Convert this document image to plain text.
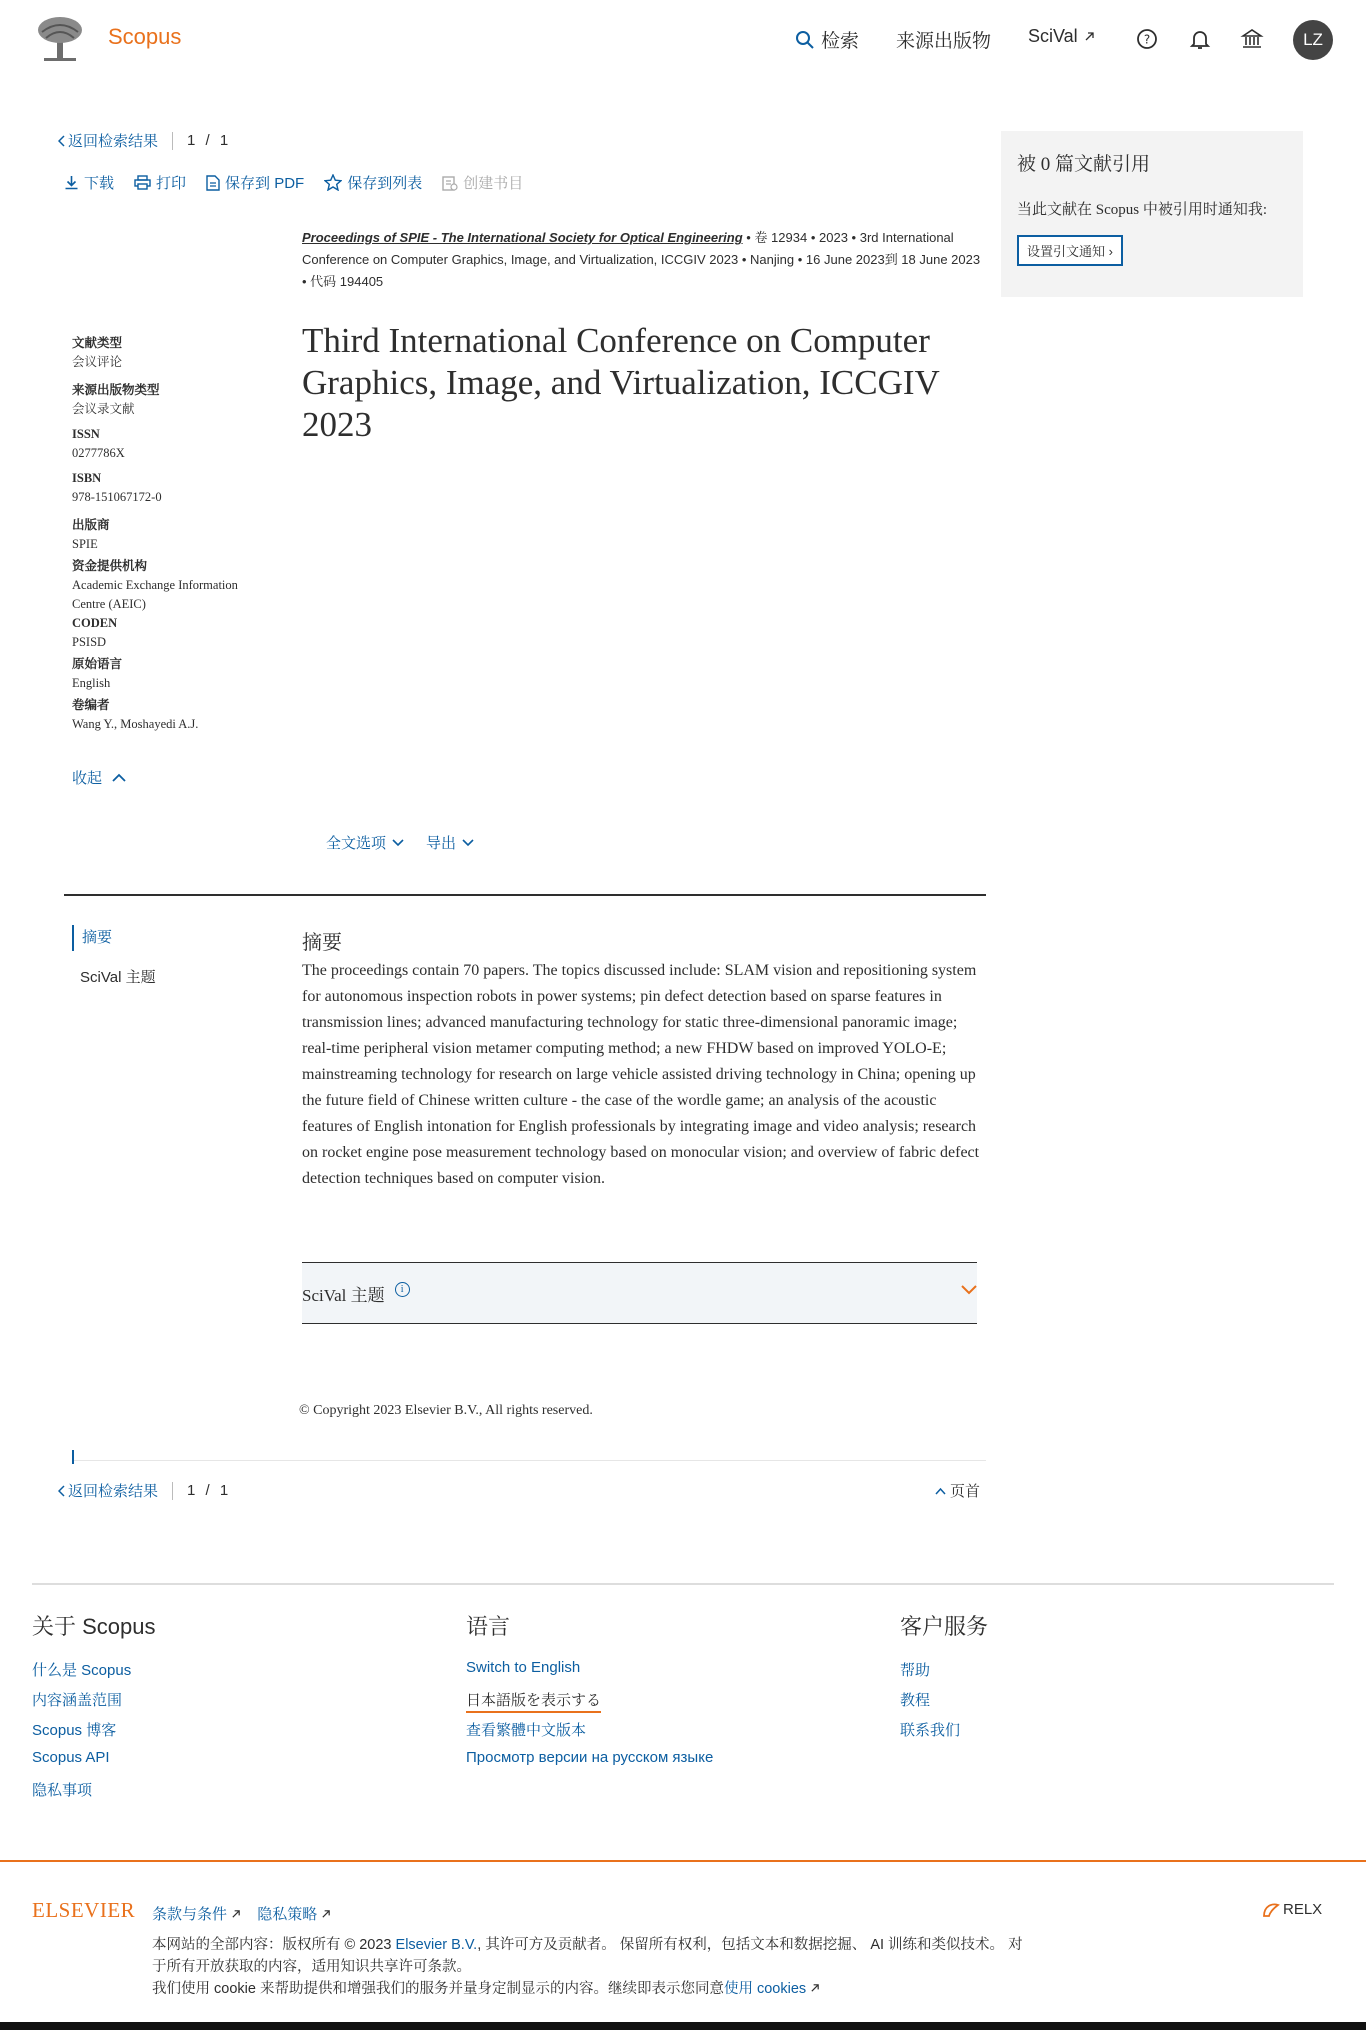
Scopus	检索 来源出版物 SciVal	?	LZ
返回检索结果 1 / 1
下载	打印	保存到 PDF	保存到列表	创建书目
被 0 篇文献引用
当此文献在 Scopus 中被引用时通知我:
设置引文通知 ›
Proceedings of SPIE - The International Society for Optical Engineering • 卷 12934 • 2023 • 3rd International Conference on Computer Graphics, Image, and Virtualization, ICCGIV 2023 • Nanjing • 16 June 2023到 18 June 2023
• 代码 194405
Third International Conference on Computer Graphics, Image, and Virtualization, ICCGIV 2023
文献类型
会议评论
来源出版物类型
会议录文献
ISSN
0277786X
ISBN
978-151067172-0
出版商
SPIE
资金提供机构
Academic Exchange Information Centre (AEIC)
CODEN
PSISD
原始语言
English
卷编者
Wang Y., Moshayedi A.J.
收起
全文选项	导出
摘要
SciVal 主题
摘要

The proceedings contain 70 papers. The topics discussed include: SLAM vision and repositioning system for autonomous inspection robots in power systems; pin defect detection based on sparse features in transmission lines; advanced manufacturing technology for static three-dimensional panoramic image; real-time peripheral vision metamer computing method; a new FHDW based on improved YOLO-E; mainstreaming technology for research on large vehicle assisted driving technology in China; opening up the future field of Chinese written culture - the case of the wordle game; an analysis of the acoustic features of English intonation for English professionals by integrating image and video analysis; research on rocket engine pose measurement technology based on monocular vision; and overview of fabric defect detection techniques based on computer vision.

SciVal 主题	i
© Copyright 2023 Elsevier B.V., All rights reserved.
返回检索结果 1 / 1	页首
关于 Scopus
什么是 Scopus
内容涵盖范围
Scopus 博客
Scopus API
隐私事项
语言
Switch to English
日本語版を表示する
查看繁體中文版本
Просмотр версии на русском языке
客户服务
帮助
教程
联系我们
ELSEVIER 条款与条件	隐私策略
本网站的全部内容：版权所有 © 2023 Elsevier B.V., 其许可方及贡献者。 保留所有权利，包括文本和数据挖掘、 AI 训练和类似技术。 对于所有开放获取的内容，适用知识共享许可条款。
我们使用 cookie 来帮助提供和增强我们的服务并量身定制显示的内容。继续即表示您同意使用 cookies
RELX
